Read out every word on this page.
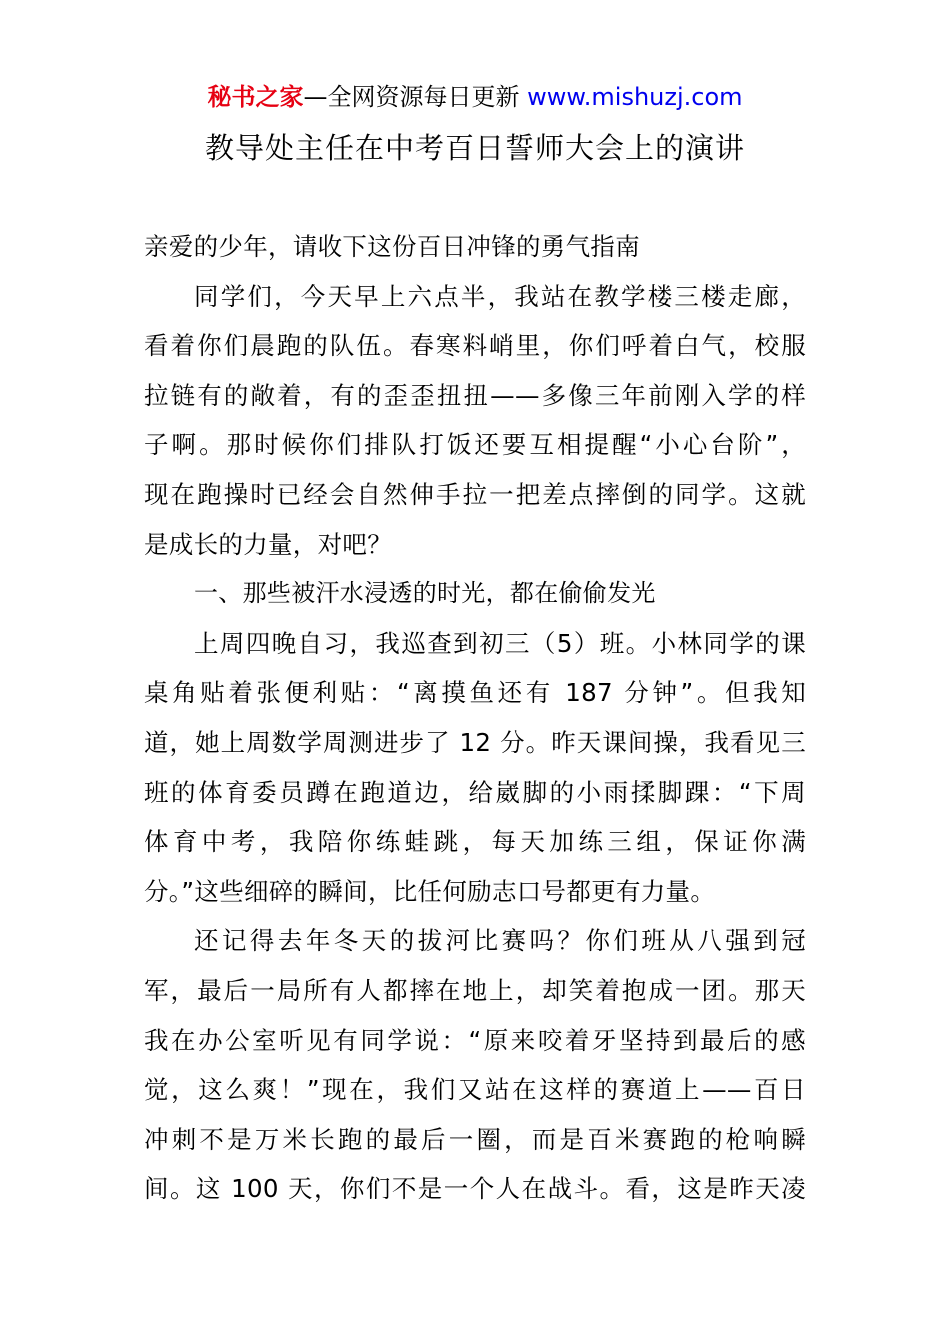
秘书之家—全网资源每日更新 www.mishuzj.com
教导处主任在中考百日誓师大会上的演讲
亲爱的少年，请收下这份百日冲锋的勇气指南
同学们，今天早上六点半，我站在教学楼三楼走廊，
看着你们晨跑的队伍。春寒料峭里，你们呼着白气，校服
拉链有的敞着，有的歪歪扭扭——多像三年前刚入学的样
子啊。那时候你们排队打饭还要互相提醒“小心台阶”，
现在跑操时已经会自然伸手拉一把差点摔倒的同学。这就
是成长的力量，对吧？
一、那些被汗水浸透的时光，都在偷偷发光
上周四晚自习，我巡查到初三（5）班。小林同学的课
桌角贴着张便利贴：“离摸鱼还有 187 分钟”。但我知
道，她上周数学周测进步了 12 分。昨天课间操，我看见三
班的体育委员蹲在跑道边，给崴脚的小雨揉脚踝：“下周
体育中考，我陪你练蛙跳，每天加练三组，保证你满
分。”这些细碎的瞬间，比任何励志口号都更有力量。
还记得去年冬天的拔河比赛吗？你们班从八强到冠
军，最后一局所有人都摔在地上，却笑着抱成一团。那天
我在办公室听见有同学说：“原来咬着牙坚持到最后的感
觉，这么爽！”现在，我们又站在这样的赛道上——百日
冲刺不是万米长跑的最后一圈，而是百米赛跑的枪响瞬
间。这 100 天，你们不是一个人在战斗。看，这是昨天凌
